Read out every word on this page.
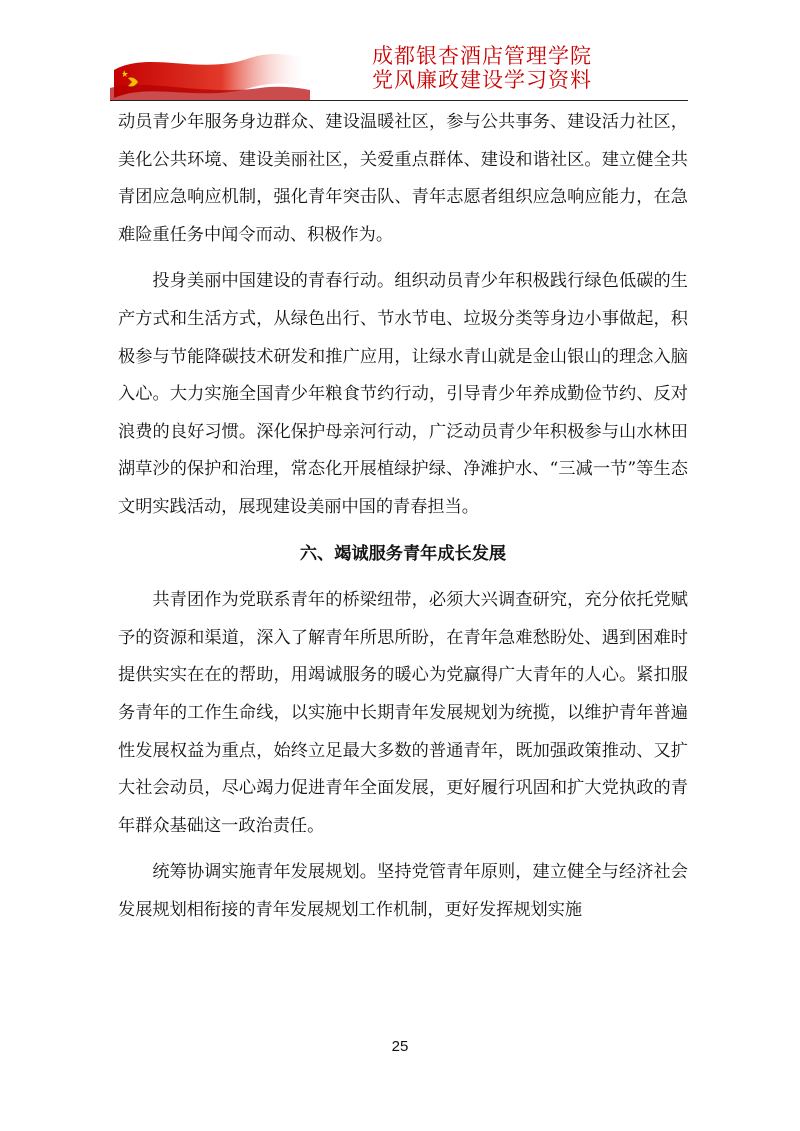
成都银杏酒店管理学院
党风廉政建设学习资料

动员青少年服务身边群众、建设温暖社区，参与公共事务、建设活力社区，美化公共环境、建设美丽社区，关爱重点群体、建设和谐社区。建立健全共青团应急响应机制，强化青年突击队、青年志愿者组织应急响应能力，在急难险重任务中闻令而动、积极作为。

投身美丽中国建设的青春行动。组织动员青少年积极践行绿色低碳的生产方式和生活方式，从绿色出行、节水节电、垃圾分类等身边小事做起，积极参与节能降碳技术研发和推广应用，让绿水青山就是金山银山的理念入脑入心。大力实施全国青少年粮食节约行动，引导青少年养成勤俭节约、反对浪费的良好习惯。深化保护母亲河行动，广泛动员青少年积极参与山水林田湖草沙的保护和治理，常态化开展植绿护绿、净滩护水、“三减一节”等生态文明实践活动，展现建设美丽中国的青春担当。

六、竭诚服务青年成长发展

共青团作为党联系青年的桥梁纽带，必须大兴调查研究，充分依托党赋予的资源和渠道，深入了解青年所思所盼，在青年急难愁盼处、遇到困难时提供实实在在的帮助，用竭诚服务的暖心为党赢得广大青年的人心。紧扣服务青年的工作生命线，以实施中长期青年发展规划为统揽，以维护青年普遍性发展权益为重点，始终立足最大多数的普通青年，既加强政策推动、又扩大社会动员，尽心竭力促进青年全面发展，更好履行巩固和扩大党执政的青年群众基础这一政治责任。

统筹协调实施青年发展规划。坚持党管青年原则，建立健全与经济社会发展规划相衔接的青年发展规划工作机制，更好发挥规划实施

25
